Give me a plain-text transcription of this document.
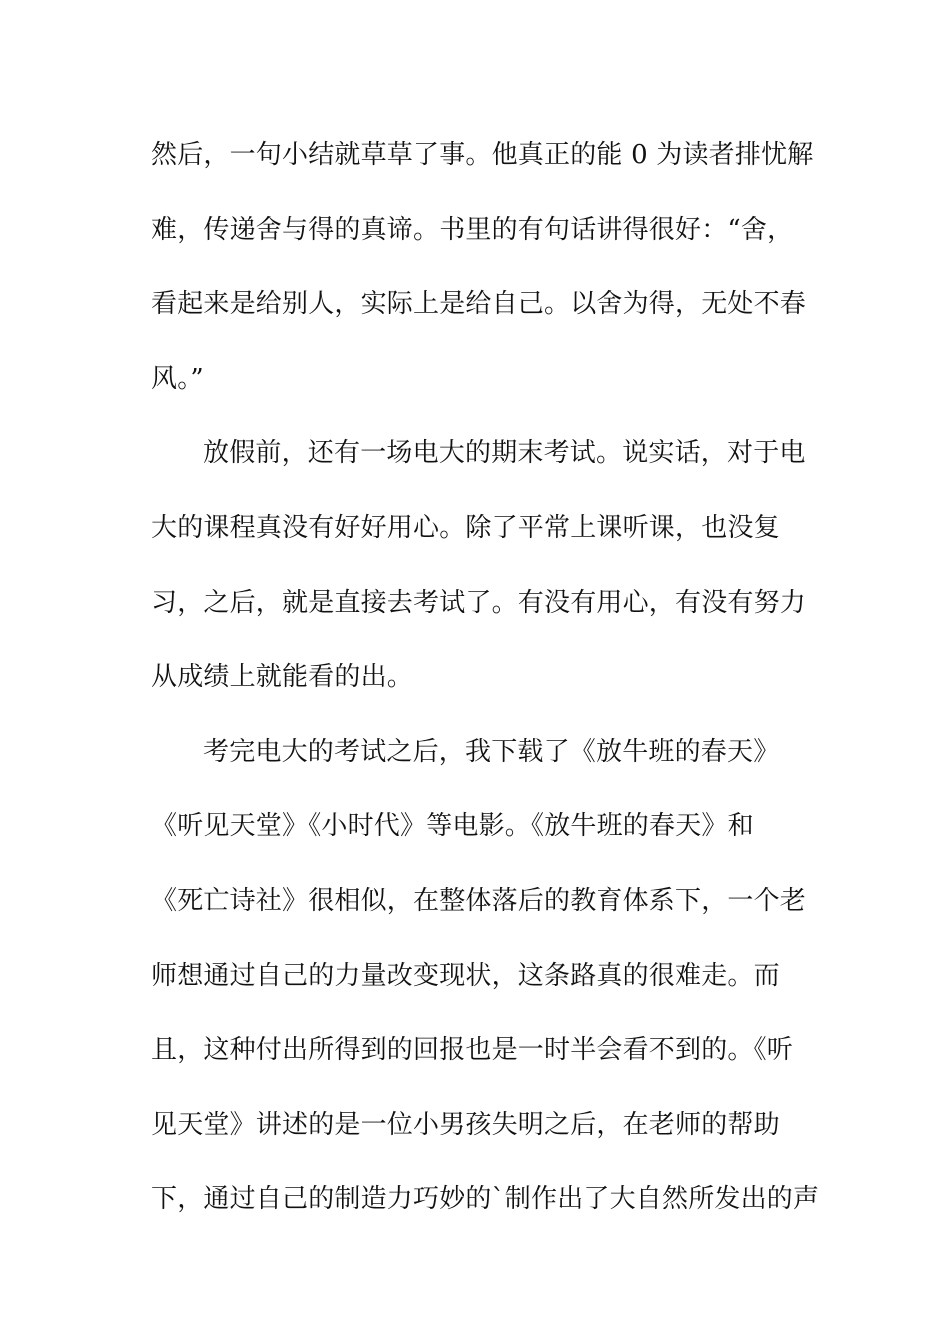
然后，一句小结就草草了事。他真正的能 0 为读者排忧解
难，传递舍与得的真谛。书里的有句话讲得很好：“舍，
看起来是给别人，实际上是给自己。以舍为得，无处不春
风。”
放假前，还有一场电大的期末考试。说实话，对于电
大的课程真没有好好用心。除了平常上课听课，也没复
习，之后，就是直接去考试了。有没有用心，有没有努力
从成绩上就能看的出。
考完电大的考试之后，我下载了《放牛班的春天》
《听见天堂》《小时代》等电影。《放牛班的春天》和
《死亡诗社》很相似，在整体落后的教育体系下，一个老
师想通过自己的力量改变现状，这条路真的很难走。而
且，这种付出所得到的回报也是一时半会看不到的。《听
见天堂》讲述的是一位小男孩失明之后，在老师的帮助
下，通过自己的制造力巧妙的`制作出了大自然所发出的声
